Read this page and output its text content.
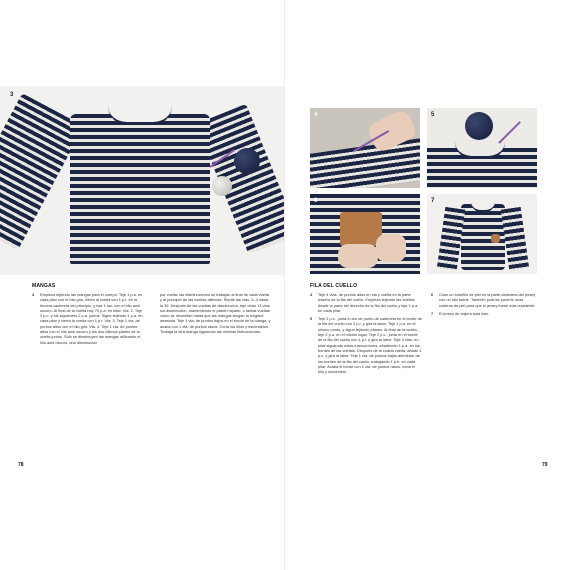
3
MANGAS
3	Empieza tejiendo las mangas para el cuerpo. Teje 1 p.a. en cada pilar con el hilo gris, cierra la vuelta con 1 p.r. en la tercera cadeneta del principio, y haz 1 laz- con el hilo azul oscuro. Al final de la vuelta hay 70 p.a. en total. Vta. 2. Teje 3 p.c. y los siguientes 2 p.a. juntos. Sigue tejiendo 1 p.a. en cada pilar y cierra la vuelta con 1 p.r. Vta. 3. Teje 1 vta. de puntos altos con el hilo gris. Vta. 4. Teje 1 vta. de puntos altos con el hilo azul oscuro y los dos últimos pilares de la vuelta juntos. Sólo se disminuyen las mangas utilizando el hilo azul oscuro, una disminución
por vuelta: las disminuciones se trabajan al final de cada vuelta y al principio de las vueltas alternas. Repite las vtas. 3–4 hasta la 39. Después de las vueltas de disminución, teje otras 13 vtas. sin disminución, manteniendo el patrón rayado, o tantas vueltas como se necesitan hasta que las mangas tengan la longitud deseada. Teje 1 vta. de puntos bajos en el borde de la manga, y acaba con 1 vta. de puntos rasos. Corta los hilos y escóndelos. Trabaja la otra manga siguiendo las mismas instrucciones.
78
4	5
6	7
FILA DEL CUELLO
4	Teje 4 vtas. de puntos altos en ida y vuelta en la parte trasera de la fila del cuello. Empieza tejiendo las vueltas desde la parte del derecho de la fila del cuello y teje 1 p.a. en cada pilar.
5	Teje 2 p.c., junta el aro de punto de cadeneta en el borde de la fila del cuello con 1 p.r. y gira la labor. Teje 1 p.a. en el mismo punto, y sigue tejiendo pilares. Al final de la vuelta, teje 2 p.a. en el mismo lugar. Teje 2 p.c., junta en el borde de la fila del cuello con 1 p.r. y gira la labor. Teje 4 vtas. en total siguiendo estas instrucciones, añadiendo 1 p.a. en los bordes de las vueltas. Después de la cuarta vuelta, añade 1 p.c. y gira la labor. Teje 1 vta. de puntos bajos alrededor de los bordes de la fila del cuello, trabajando 1 p.b. en cada pilar. Acaba el borde con 1 vta. de puntos rasos, corta el hilo y escóndelo.
6	Cose un botoñllo de piel en la parte delantera del jersey con un hilo fuerte. También podrías ponerle unas coderas de piel para que el jersey fuese más resistente.
7	El jersey de viajero está listo.
79
